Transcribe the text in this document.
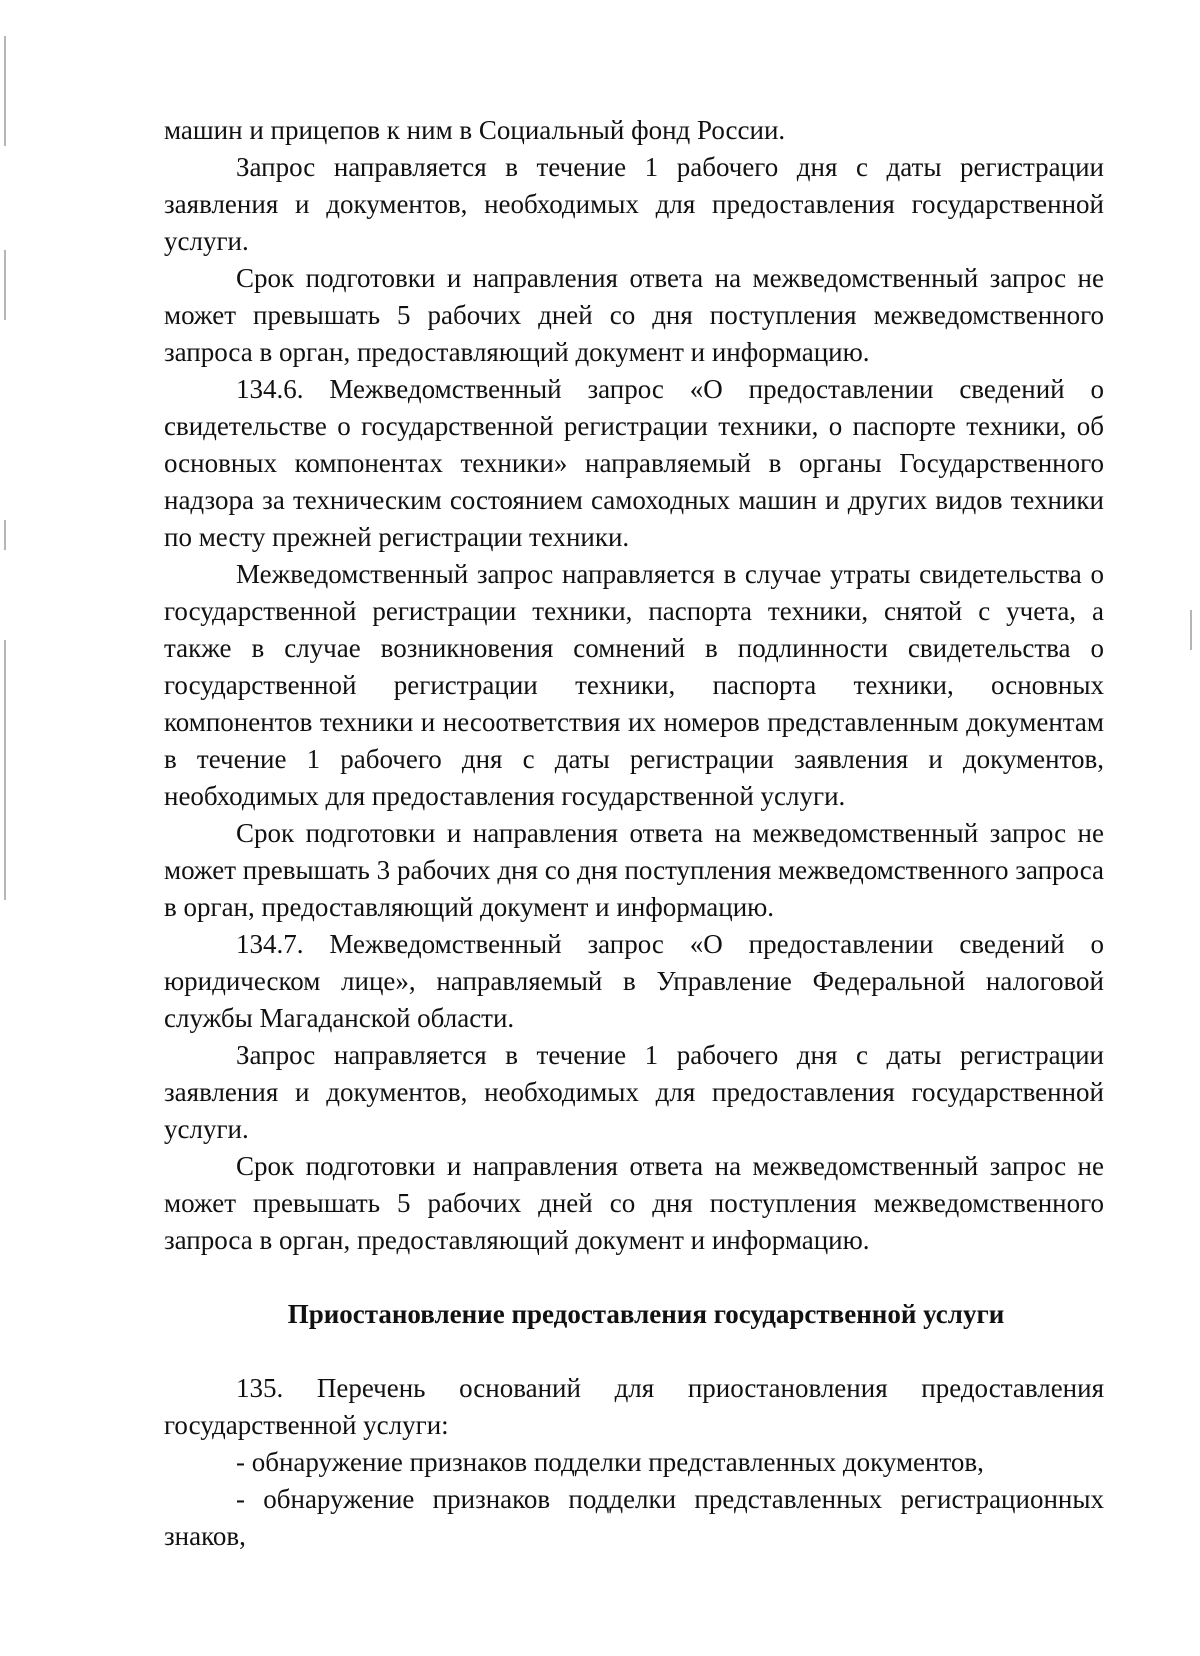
машин и прицепов к ним в Социальный фонд России.

Запрос направляется в течение 1 рабочего дня с даты регистрации заявления и документов, необходимых для предоставления государственной услуги.

Срок подготовки и направления ответа на межведомственный запрос не может превышать 5 рабочих дней со дня поступления межведомственного запроса в орган, предоставляющий документ и информацию.

134.6. Межведомственный запрос «О предоставлении сведений о свидетельстве о государственной регистрации техники, о паспорте техники, об основных компонентах техники» направляемый в органы Государственного надзора за техническим состоянием самоходных машин и других видов техники по месту прежней регистрации техники.

Межведомственный запрос направляется в случае утраты свидетельства о государственной регистрации техники, паспорта техники, снятой с учета, а также в случае возникновения сомнений в подлинности свидетельства о государственной регистрации техники, паспорта техники, основных компонентов техники и несоответствия их номеров представленным документам в течение 1 рабочего дня с даты регистрации заявления и документов, необходимых для предоставления государственной услуги.

Срок подготовки и направления ответа на межведомственный запрос не может превышать 3 рабочих дня со дня поступления межведомственного запроса в орган, предоставляющий документ и информацию.

134.7. Межведомственный запрос «О предоставлении сведений о юридическом лице», направляемый в Управление Федеральной налоговой службы Магаданской области.

Запрос направляется в течение 1 рабочего дня с даты регистрации заявления и документов, необходимых для предоставления государственной услуги.

Срок подготовки и направления ответа на межведомственный запрос не может превышать 5 рабочих дней со дня поступления межведомственного запроса в орган, предоставляющий документ и информацию.

Приостановление предоставления государственной услуги

135. Перечень оснований для приостановления предоставления государственной услуги:

- обнаружение признаков подделки представленных документов,

- обнаружение признаков подделки представленных регистрационных знаков,
